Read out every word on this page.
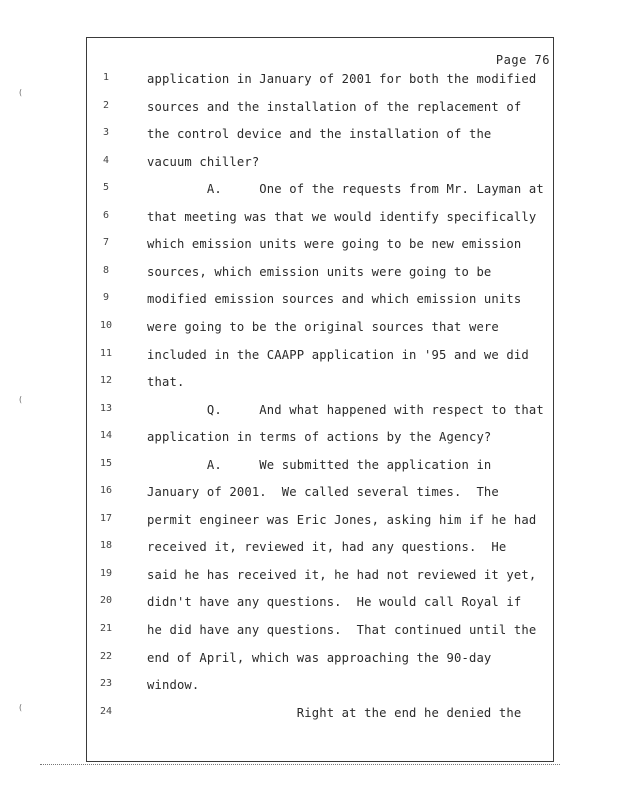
Page 76
1	application in January of 2001 for both the modified
2	sources and the installation of the replacement of
3	the control device and the installation of the
4	vacuum chiller?
5	A.     One of the requests from Mr. Layman at
6	that meeting was that we would identify specifically
7	which emission units were going to be new emission
8	sources, which emission units were going to be
9	modified emission sources and which emission units
10	were going to be the original sources that were
11	included in the CAAPP application in '95 and we did
12	that.
13	Q.     And what happened with respect to that
14	application in terms of actions by the Agency?
15	A.     We submitted the application in
16	January of 2001.  We called several times.  The
17	permit engineer was Eric Jones, asking him if he had
18	received it, reviewed it, had any questions.  He
19	said he has received it, he had not reviewed it yet,
20	didn't have any questions.  He would call Royal if
21	he did have any questions.  That continued until the
22	end of April, which was approaching the 90-day
23	window.
24	Right at the end he denied the
(
(
(
